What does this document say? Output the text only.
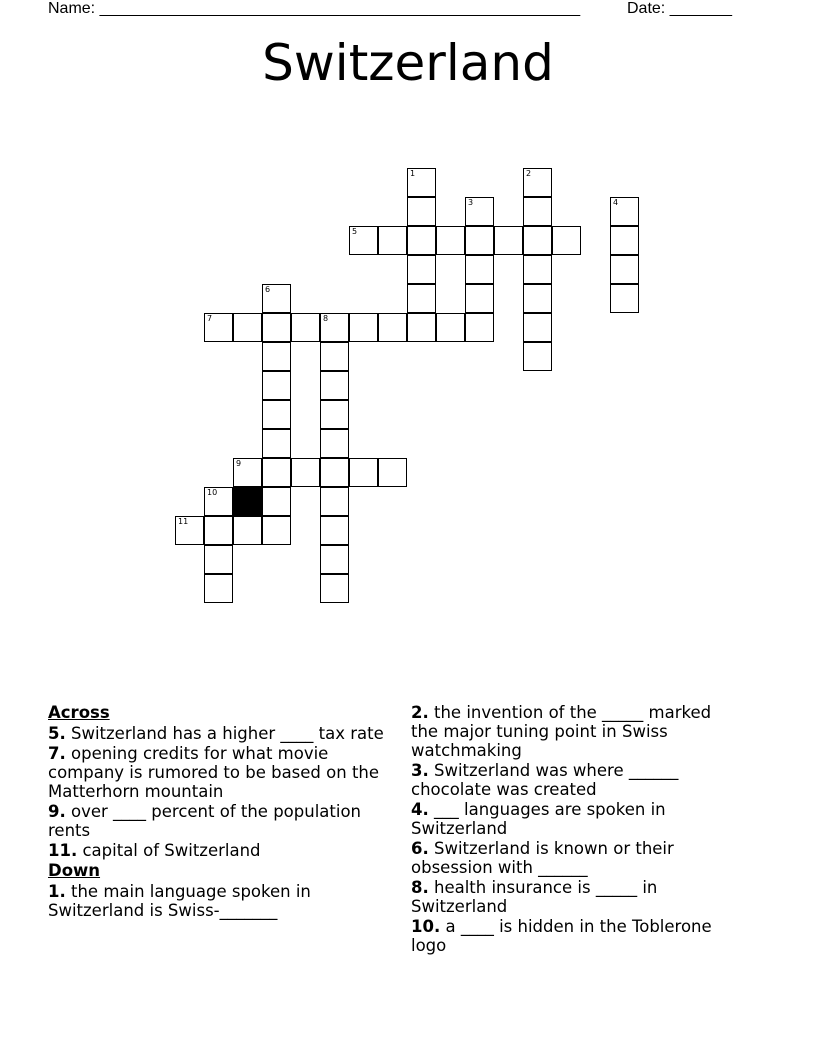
Name: ______________________________________________________	Date: _______
Switzerland
5
7	8
9
11
1	2
3	4
6
10
Across
5. Switzerland has a higher ____ tax rate
7. opening credits for what movie company is rumored to be based on the Matterhorn mountain
9. over ____ percent of the population rents
11. capital of Switzerland
Down
1. the main language spoken in Switzerland is Swiss-_______
2. the invention of the _____ marked the major tuning point in Swiss watchmaking
3. Switzerland was where ______ chocolate was created
4. ___ languages are spoken in Switzerland
6. Switzerland is known or their obsession with ______
8. health insurance is _____ in Switzerland
10. a ____ is hidden in the Toblerone logo
